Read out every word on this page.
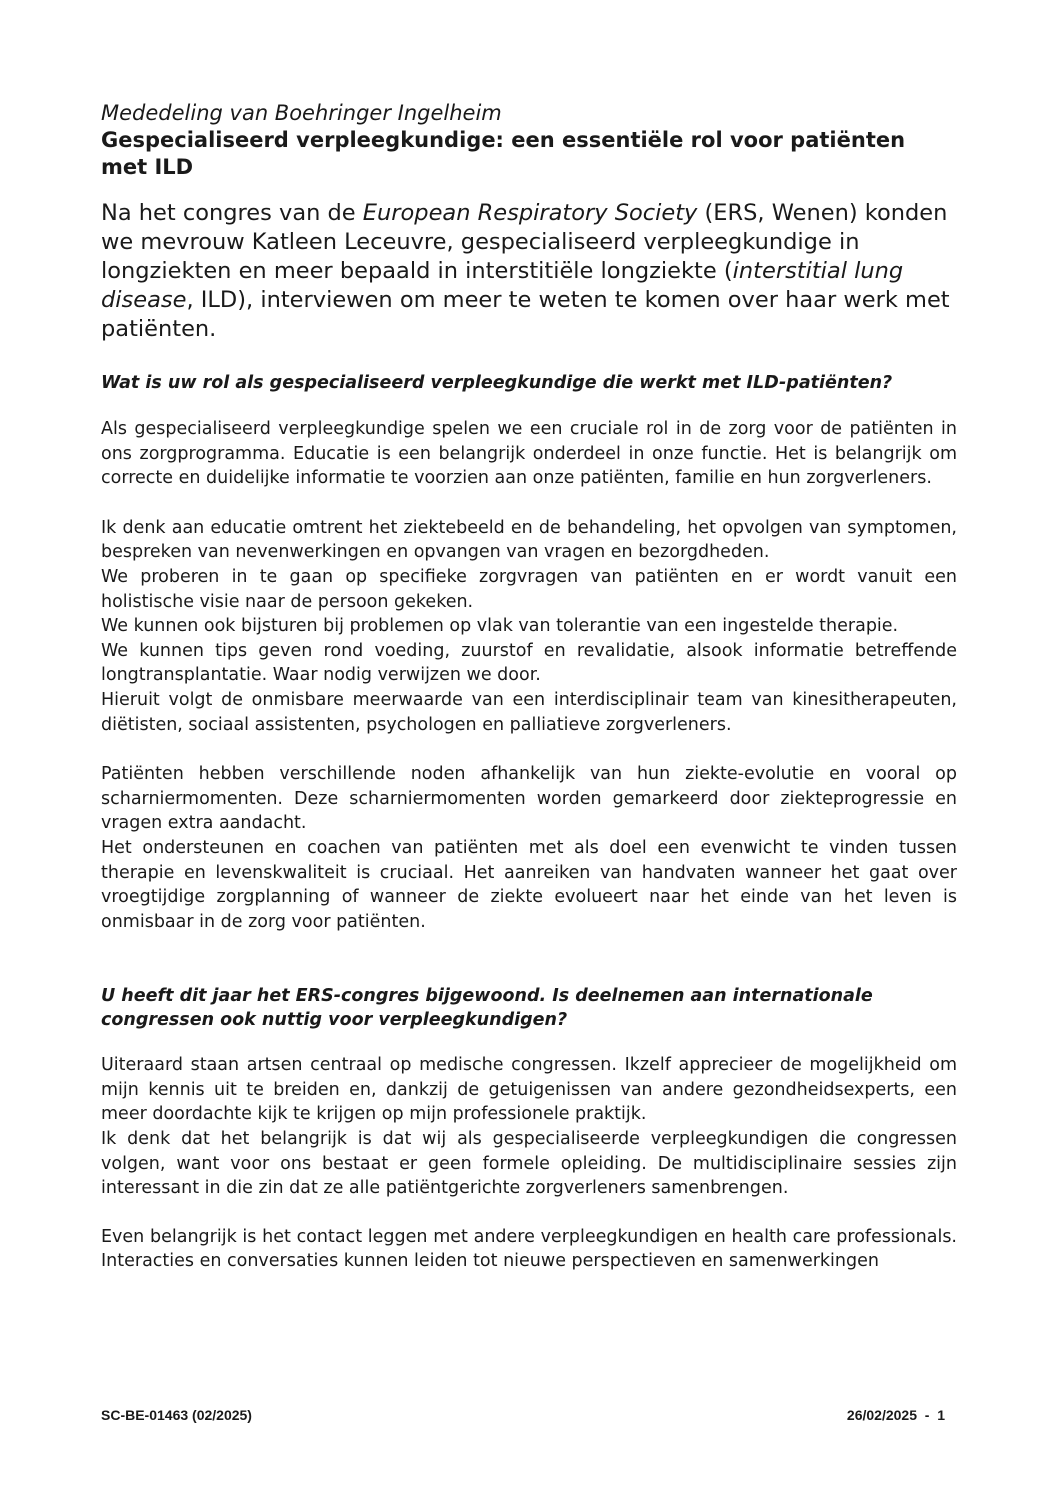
Mededeling van Boehringer Ingelheim

Gespecialiseerd verpleegkundige: een essentiële rol voor patiënten met ILD

Na het congres van de European Respiratory Society (ERS, Wenen) konden we mevrouw Katleen Leceuvre, gespecialiseerd verpleegkundige in longziekten en meer bepaald in interstitiële longziekte (interstitial lung disease, ILD), interviewen om meer te weten te komen over haar werk met patiënten.

Wat is uw rol als gespecialiseerd verpleegkundige die werkt met ILD-patiënten?

Als gespecialiseerd verpleegkundige spelen we een cruciale rol in de zorg voor de patiënten in ons zorgprogramma. Educatie is een belangrijk onderdeel in onze functie. Het is belangrijk om correcte en duidelijke informatie te voorzien aan onze patiënten, familie en hun zorgverleners.

Ik denk aan educatie omtrent het ziektebeeld en de behandeling, het opvolgen van symptomen, bespreken van nevenwerkingen en opvangen van vragen en bezorgdheden.
We proberen in te gaan op specifieke zorgvragen van patiënten en er wordt vanuit een holistische visie naar de persoon gekeken.
We kunnen ook bijsturen bij problemen op vlak van tolerantie van een ingestelde therapie.
We kunnen tips geven rond voeding, zuurstof en revalidatie, alsook informatie betreffende longtransplantatie. Waar nodig verwijzen we door.
Hieruit volgt de onmisbare meerwaarde van een interdisciplinair team van kinesitherapeuten, diëtisten, sociaal assistenten, psychologen en palliatieve zorgverleners.

Patiënten hebben verschillende noden afhankelijk van hun ziekte-evolutie en vooral op scharniermomenten. Deze scharniermomenten worden gemarkeerd door ziekteprogressie en vragen extra aandacht.
Het ondersteunen en coachen van patiënten met als doel een evenwicht te vinden tussen therapie en levenskwaliteit is cruciaal. Het aanreiken van handvaten wanneer het gaat over vroegtijdige zorgplanning of wanneer de ziekte evolueert naar het einde van het leven is onmisbaar in de zorg voor patiënten.

U heeft dit jaar het ERS-congres bijgewoond. Is deelnemen aan internationale congressen ook nuttig voor verpleegkundigen?

Uiteraard staan artsen centraal op medische congressen. Ikzelf apprecieer de mogelijkheid om mijn kennis uit te breiden en, dankzij de getuigenissen van andere gezondheidsexperts, een meer doordachte kijk te krijgen op mijn professionele praktijk.
Ik denk dat het belangrijk is dat wij als gespecialiseerde verpleegkundigen die congressen volgen, want voor ons bestaat er geen formele opleiding. De multidisciplinaire sessies zijn interessant in die zin dat ze alle patiëntgerichte zorgverleners samenbrengen.

Even belangrijk is het contact leggen met andere verpleegkundigen en health care professionals. Interacties en conversaties kunnen leiden tot nieuwe perspectieven en samenwerkingen

SC-BE-01463 (02/2025)	26/02/2025  -  1
